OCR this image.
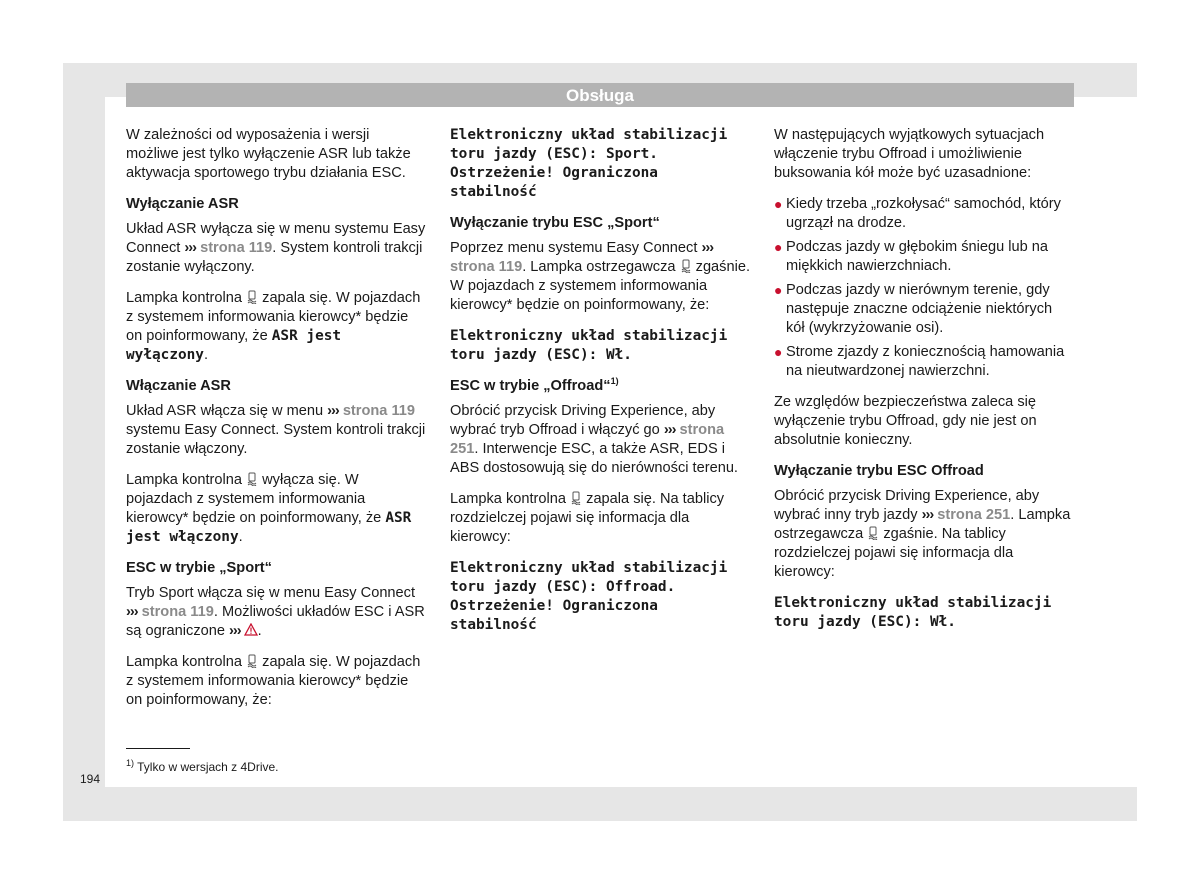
Obsługa

W zależności od wyposażenia i wersji możliwe jest tylko wyłączenie ASR lub także aktywacja sportowego trybu działania ESC.

Wyłączanie ASR

Układ ASR wyłącza się w menu systemu Easy Connect ››› strona 119. System kontroli trakcji zostanie wyłączony.

Lampka kontrolna zapala się. W pojazdach z systemem informowania kierowcy* będzie on poinformowany, że ASR jest wyłączony.

Włączanie ASR

Układ ASR włącza się w menu ››› strona 119 systemu Easy Connect. System kontroli trakcji zostanie włączony.

Lampka kontrolna wyłącza się. W pojazdach z systemem informowania kierowcy* będzie on poinformowany, że ASR jest włączony.

ESC w trybie „Sport“

Tryb Sport włącza się w menu Easy Connect ››› strona 119. Możliwości układów ESC i ASR są ograniczone ››› .

Lampka kontrolna zapala się. W pojazdach z systemem informowania kierowcy* będzie on poinformowany, że:

Elektroniczny układ stabilizacji toru jazdy (ESC): Sport. Ostrzeżenie! Ograniczona stabilność

Wyłączanie trybu ESC „Sport“

Poprzez menu systemu Easy Connect ››› strona 119. Lampka ostrzegawcza zgaśnie. W pojazdach z systemem informowania kierowcy* będzie on poinformowany, że:

Elektroniczny układ stabilizacji toru jazdy (ESC): Wł.

ESC w trybie „Offroad“$^{1)}$

Obrócić przycisk Driving Experience, aby wybrać tryb Offroad i włączyć go ››› strona 251. Interwencje ESC, a także ASR, EDS i ABS dostosowują się do nierówności terenu.

Lampka kontrolna zapala się. Na tablicy rozdzielczej pojawi się informacja dla kierowcy:

Elektroniczny układ stabilizacji toru jazdy (ESC): Offroad. Ostrzeżenie! Ograniczona stabilność

W następujących wyjątkowych sytuacjach włączenie trybu Offroad i umożliwienie buksowania kół może być uzasadnione:

● Kiedy trzeba „rozkołysać“ samochód, który ugrzązł na drodze.
● Podczas jazdy w głębokim śniegu lub na miękkich nawierzchniach.
● Podczas jazdy w nierównym terenie, gdy następuje znaczne odciążenie niektórych kół (wykrzyżowanie osi).
● Strome zjazdy z koniecznością hamowania na nieutwardzonej nawierzchni.

Ze względów bezpieczeństwa zaleca się wyłączenie trybu Offroad, gdy nie jest on absolutnie konieczny.

Wyłączanie trybu ESC Offroad

Obrócić przycisk Driving Experience, aby wybrać inny tryb jazdy ››› strona 251. Lampka ostrzegawcza zgaśnie. Na tablicy rozdzielczej pojawi się informacja dla kierowcy:

Elektroniczny układ stabilizacji toru jazdy (ESC): Wł.

$^{1)}$ Tylko w wersjach z 4Drive.
194
